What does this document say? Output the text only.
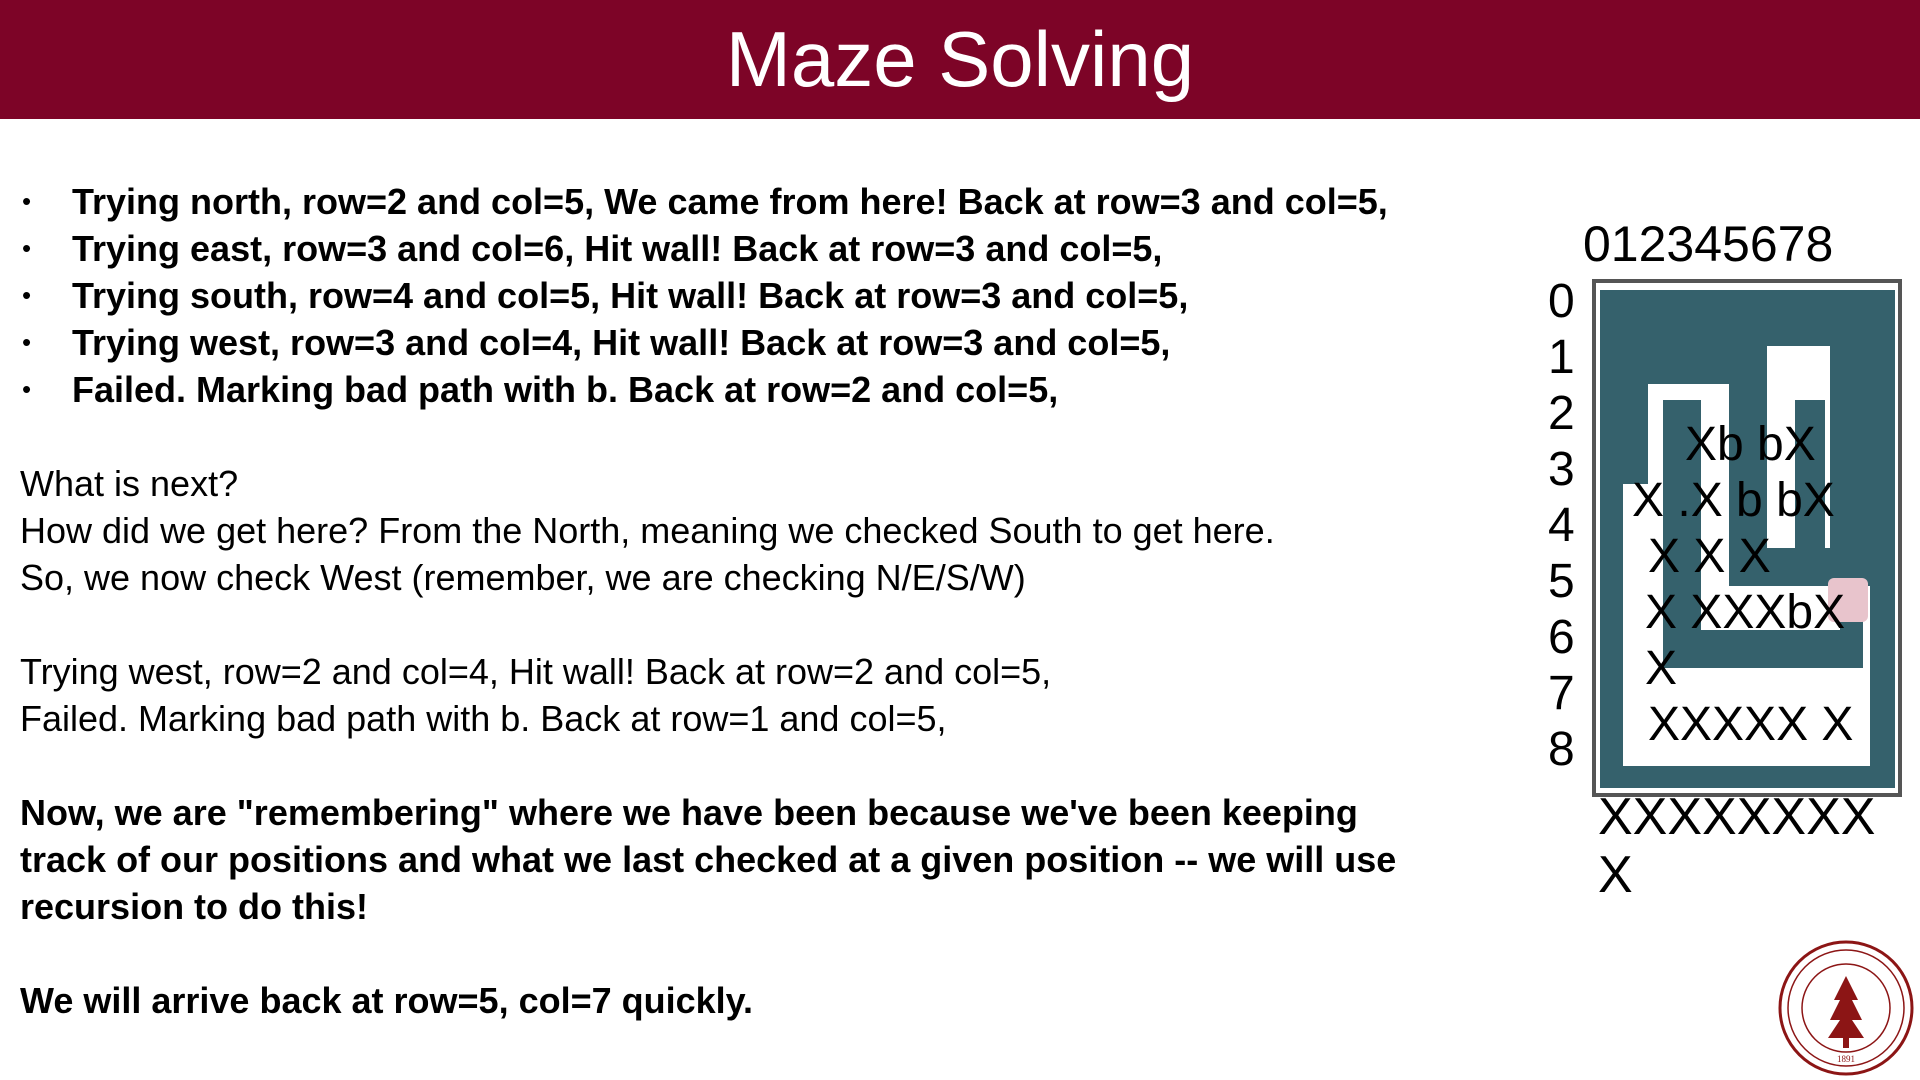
Maze Solving
• Trying north, row=2 and col=5, We came from here! Back at row=3 and col=5,
• Trying east, row=3 and col=6, Hit wall! Back at row=3 and col=5,
• Trying south, row=4 and col=5, Hit wall! Back at row=3 and col=5,
• Trying west, row=3 and col=4, Hit wall! Back at row=3 and col=5,
• Failed. Marking bad path with b. Back at row=2 and col=5,

What is next?

How did we get here? From the North, meaning we checked South to get here.

So, we now check West (remember, we are checking N/E/S/W)

Trying west, row=2 and col=4, Hit wall! Back at row=2 and col=5,

Failed. Marking bad path with b. Back at row=1 and col=5,

Now, we are "remembering" where we have been because we've been keeping
track of our positions and what we last checked at a given position -- we will use
recursion to do this!

We will arrive back at row=5, col=7 quickly.

012345678
Xb bX
X .X b bX
X X X
X XXXbX
X
XXXXX X
0
1
2
3
4
5
6
7
8
XXXXXXXX
X
1891
